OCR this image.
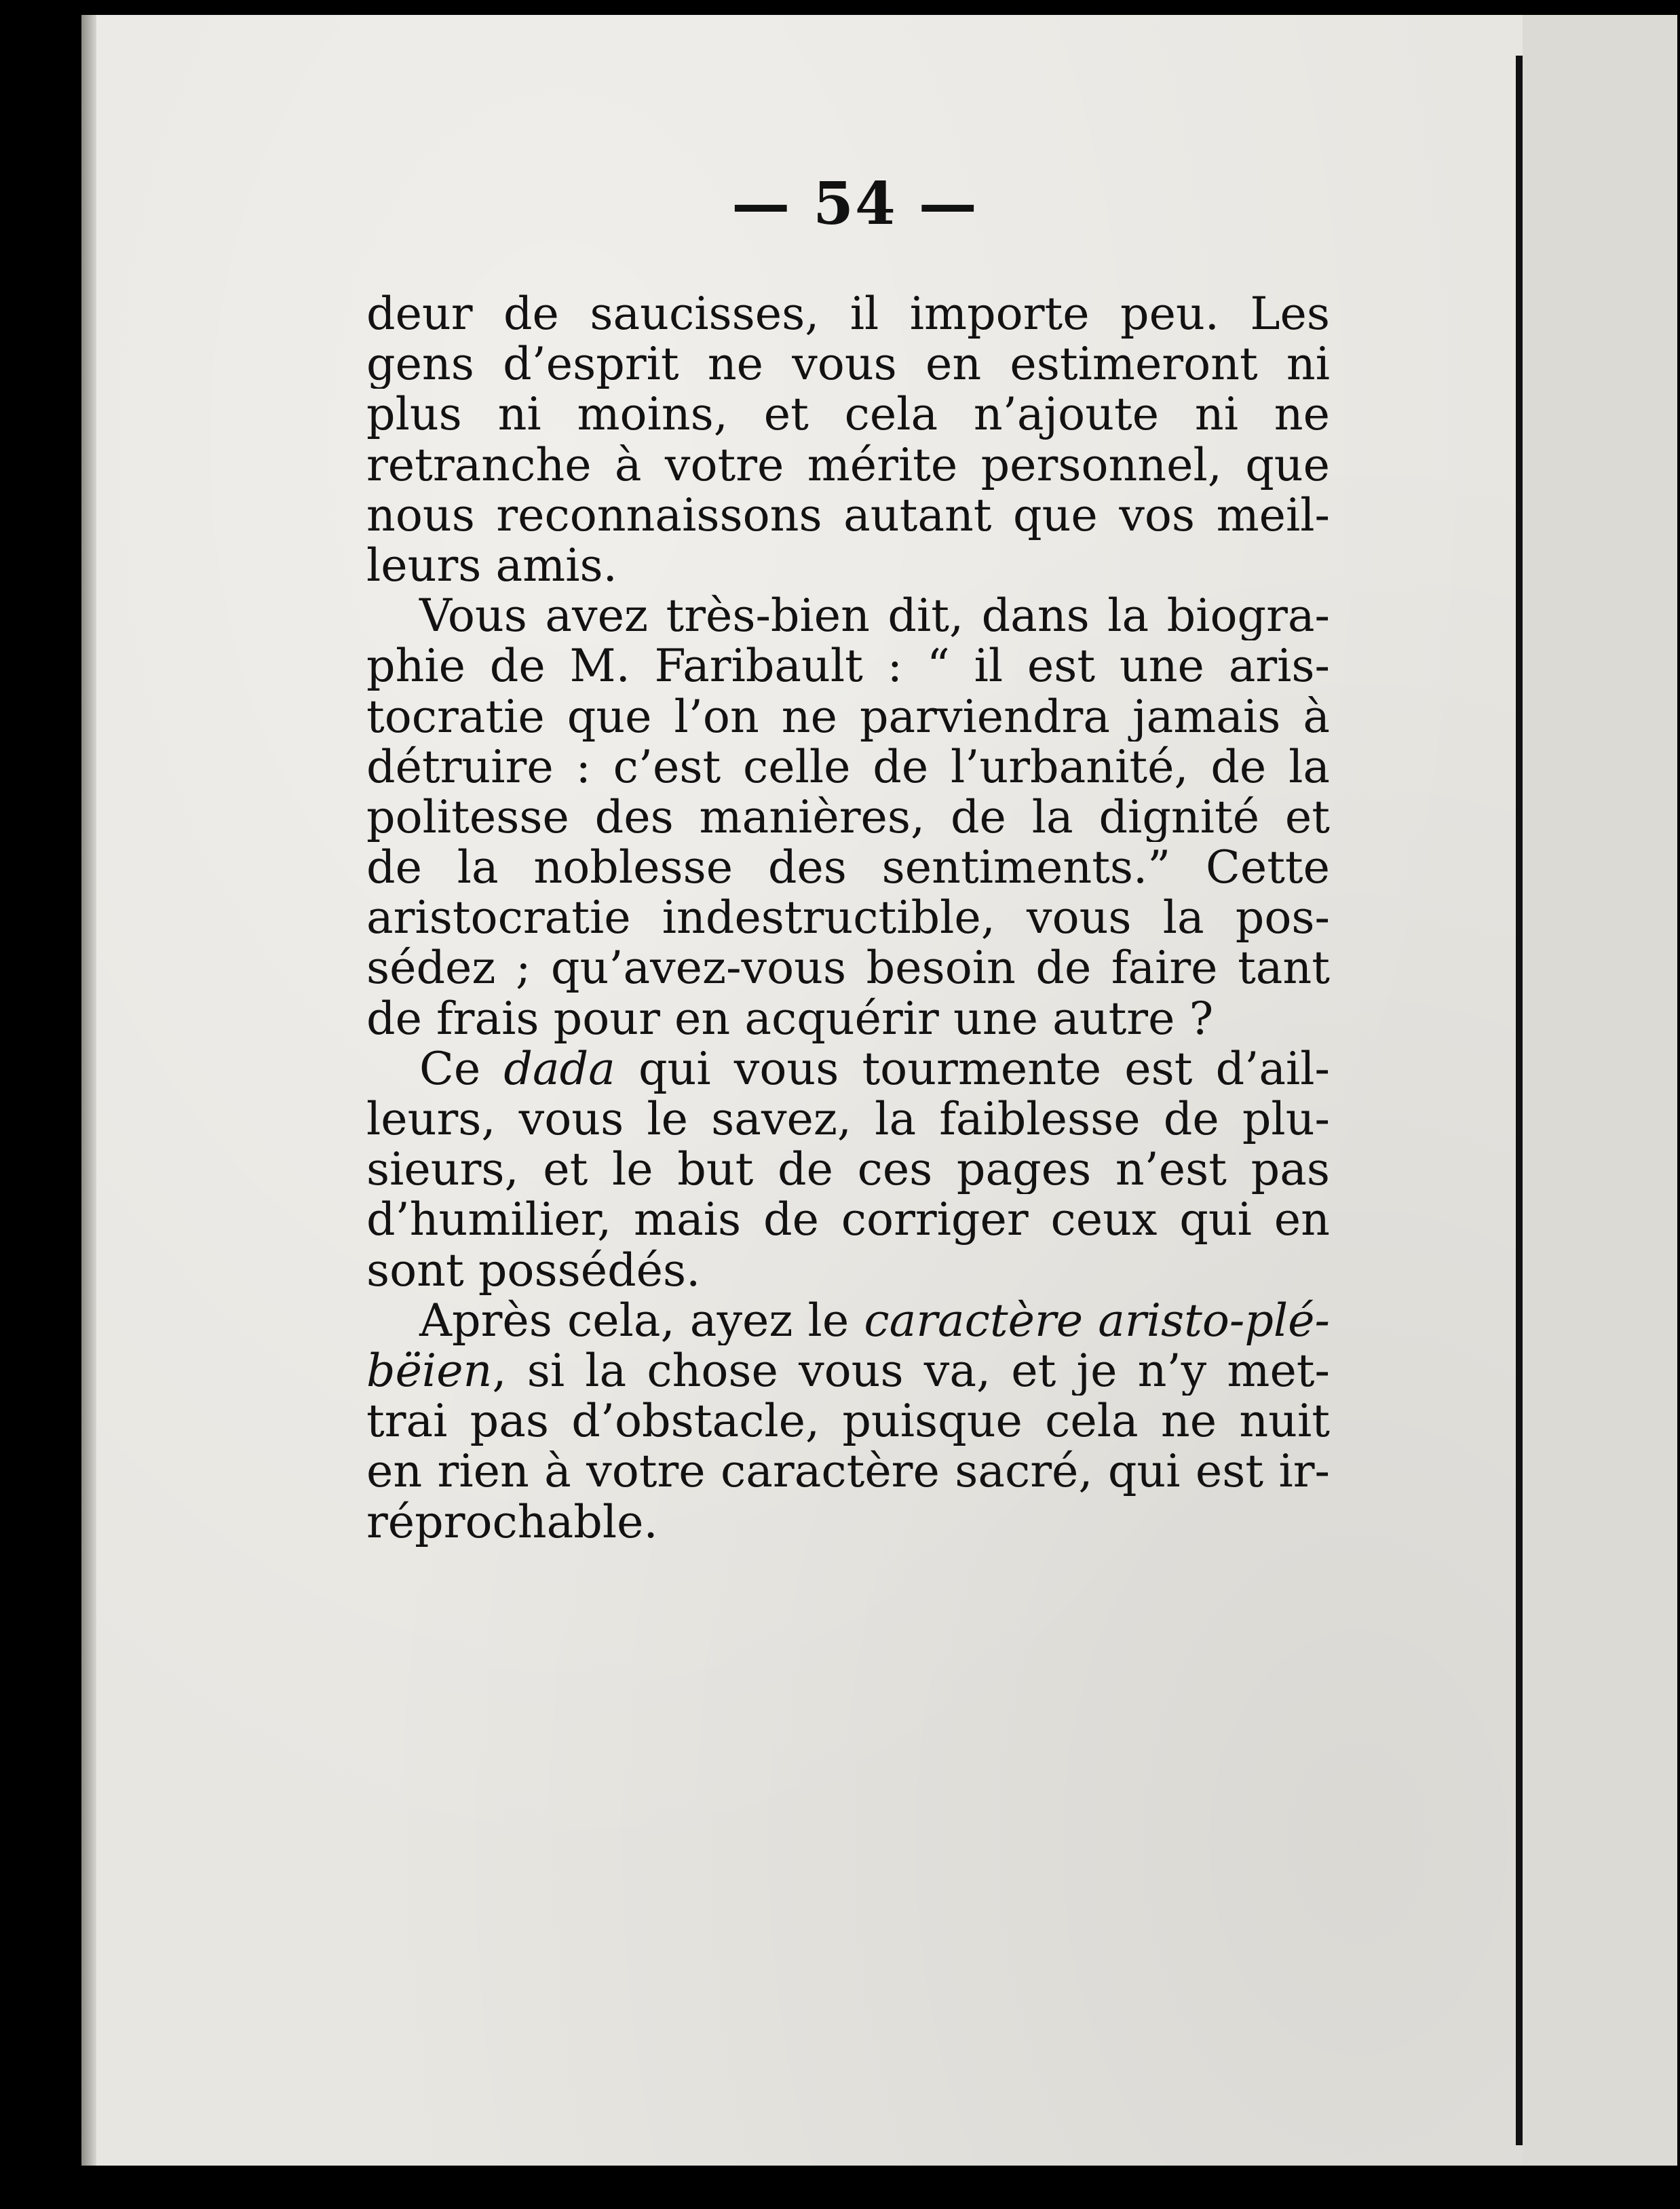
— 54 —
deur de saucisses, il importe peu. Les
gens d’esprit ne vous en estimeront ni
plus ni moins, et cela n’ajoute ni ne
retranche à votre mérite personnel, que
nous reconnaissons autant que vos meil-
leurs amis.
Vous avez très-bien dit, dans la biogra-
phie de M. Faribault : “ il est une aris-
tocratie que l’on ne parviendra jamais à
détruire : c’est celle de l’urbanité, de la
politesse des manières, de la dignité et
de la noblesse des sentiments.” Cette
aristocratie indestructible, vous la pos-
sédez ; qu’avez-vous besoin de faire tant
de frais pour en acquérir une autre ?
Ce dada qui vous tourmente est d’ail-
leurs, vous le savez, la faiblesse de plu-
sieurs, et le but de ces pages n’est pas
d’humilier, mais de corriger ceux qui en
sont possédés.
Après cela, ayez le caractère aristo-plé-
bëien, si la chose vous va, et je n’y met-
trai pas d’obstacle, puisque cela ne nuit
en rien à votre caractère sacré, qui est ir-
réprochable.
